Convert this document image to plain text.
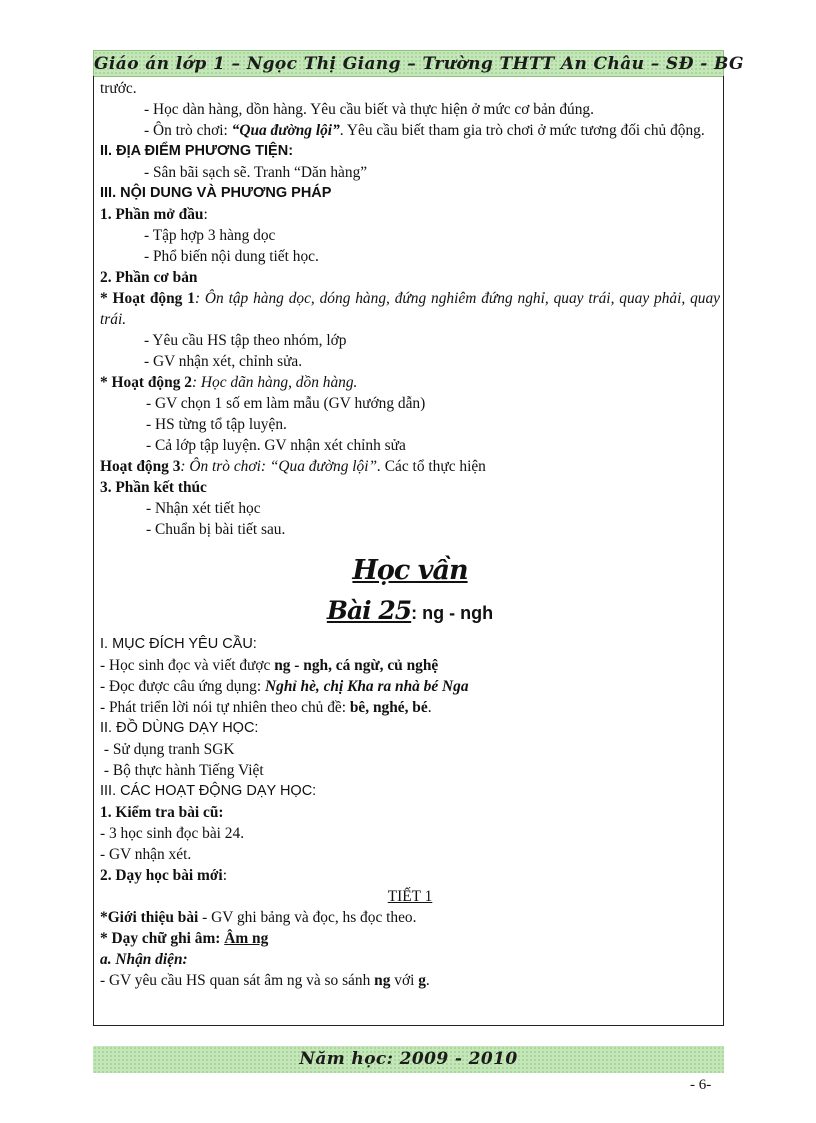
Giáo án lớp 1 – Ngọc Thị Giang – Trường THTT An Châu – SĐ - BG
trước.
- Học dàn hàng, dồn hàng. Yêu cầu biết và thực hiện ở mức cơ bản đúng.
- Ôn trò chơi: “Qua đường lội”. Yêu cầu biết tham gia trò chơi ở mức tương đối chủ động.
II. ĐỊA ĐIỂM PHƯƠNG TIỆN:
- Sân bãi sạch sẽ. Tranh “Dăn hàng”
III. NỘI DUNG VÀ PHƯƠNG PHÁP
1. Phần mở đầu:
- Tập hợp 3 hàng dọc
- Phổ biến nội dung tiết học.
2. Phần cơ bản
* Hoạt động 1: Ôn tập hàng dọc, dóng hàng, đứng nghiêm đứng nghỉ, quay trái, quay phải, quay trái.
- Yêu cầu HS tập theo nhóm, lớp
- GV nhận xét, chỉnh sửa.
* Hoạt động 2: Học dãn hàng, dồn hàng.
- GV chọn 1 số em làm mẫu (GV hướng dẫn)
- HS từng tổ tập luyện.
- Cả lớp tập luyện. GV nhận xét chỉnh sửa
Hoạt động 3: Ôn trò chơi: “Qua đường lội”. Các tổ thực hiện
3. Phần kết thúc
- Nhận xét tiết học
- Chuẩn bị bài tiết sau.
Học vần
Bài 25: ng - ngh
I. MỤC ĐÍCH YÊU CẦU:
- Học sinh đọc và viết được ng - ngh, cá ngừ, củ nghệ
- Đọc được câu ứng dụng: Nghỉ hè, chị Kha ra nhà bé Nga
- Phát triển lời nói tự nhiên theo chủ đề: bê, nghé, bé.
II. ĐỒ DÙNG DẠY HỌC:
- Sử dụng tranh SGK
- Bộ thực hành Tiếng Việt
III. CÁC HOẠT ĐỘNG DẠY HỌC:
1. Kiểm tra bài cũ:
- 3 học sinh đọc bài 24.
- GV nhận xét.
2. Dạy học bài mới:
TIẾT 1
*Giới thiệu bài - GV ghi bảng và đọc, hs đọc theo.
* Dạy chữ ghi âm: Âm ng
a. Nhận diện:
- GV yêu cầu HS quan sát âm ng và so sánh ng với g.
Năm học: 2009 - 2010
- 6-
